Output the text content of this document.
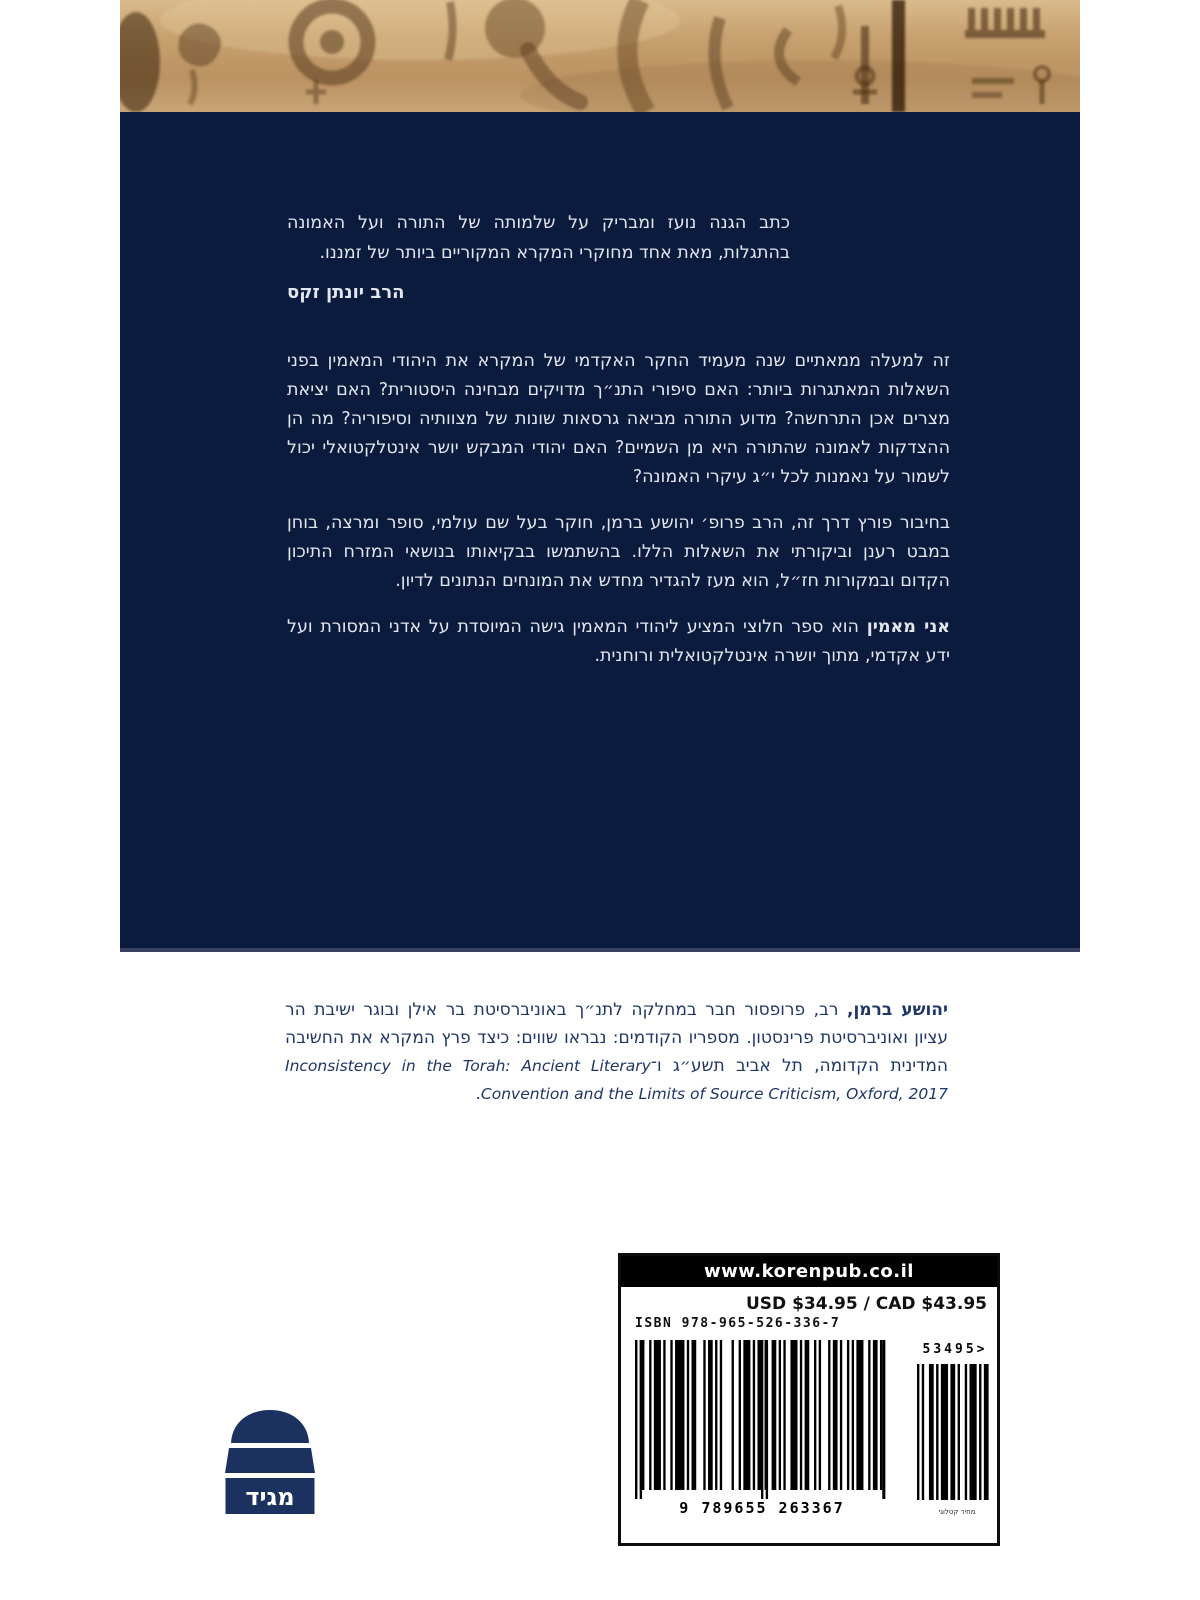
כתב הגנה נועז ומבריק על שלמותה של התורה ועל האמונה בהתגלות, מאת אחד מחוקרי המקרא המקוריים ביותר של זמננו.

הרב יונתן זקס

זה למעלה ממאתיים שנה מעמיד החקר האקדמי של המקרא את היהודי המאמין בפני השאלות המאתגרות ביותר: האם סיפורי התנ״ך מדויקים מבחינה היסטורית? האם יציאת מצרים אכן התרחשה? מדוע התורה מביאה גרסאות שונות של מצוותיה וסיפוריה? מה הן ההצדקות לאמונה שהתורה היא מן השמיים? האם יהודי המבקש יושר אינטלקטואלי יכול לשמור על נאמנות לכל י״ג עיקרי האמונה?

בחיבור פורץ דרך זה, הרב פרופ׳ יהושע ברמן, חוקר בעל שם עולמי, סופר ומרצה, בוחן במבט רענן וביקורתי את השאלות הללו. בהשתמשו בבקיאותו בנושאי המזרח התיכון הקדום ובמקורות חז״ל, הוא מעז להגדיר מחדש את המונחים הנתונים לדיון.

אני מאמין הוא ספר חלוצי המציע ליהודי המאמין גישה המיוסדת על אדני המסורת ועל ידע אקדמי, מתוך יושרה אינטלקטואלית ורוחנית.

יהושע ברמן, רב, פרופסור חבר במחלקה לתנ״ך באוניברסיטת בר אילן ובוגר ישיבת הר עציון ואוניברסיטת פרינסטון. מספריו הקודמים: נבראו שווים: כיצד פרץ המקרא את החשיבה המדינית הקדומה, תל אביב תשע״ג ו־Inconsistency in the Torah: Ancient Literary Convention and the Limits of Source Criticism, Oxford, 2017.

מגיד
www.korenpub.co.il
USD $34.95 / CAD $43.95
ISBN 978-965-526-336-7
9 789655 263367
53495>
מחיר קטלוגי
